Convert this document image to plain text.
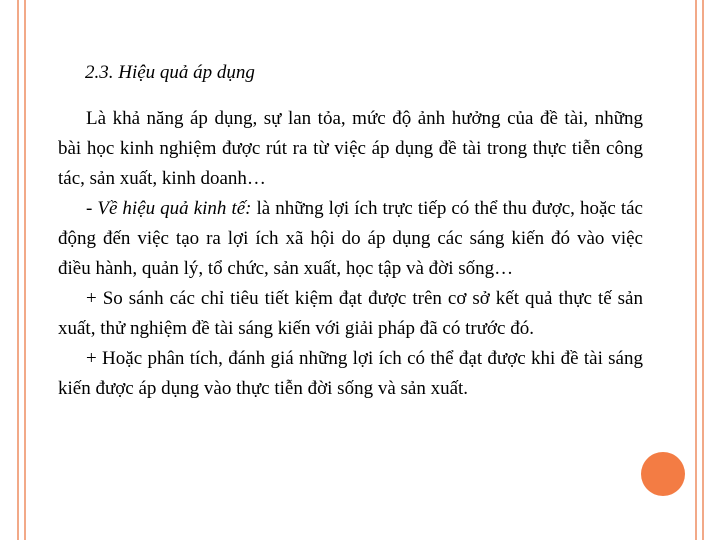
2.3. Hiệu quả áp dụng

Là khả năng áp dụng, sự lan tỏa, mức độ ảnh hưởng của đề tài, những bài học kinh nghiệm được rút ra từ việc áp dụng đề tài trong thực tiễn công tác, sản xuất, kinh doanh…

- Về hiệu quả kinh tế: là những lợi ích trực tiếp có thể thu được, hoặc tác động đến việc tạo ra lợi ích xã hội do áp dụng các sáng kiến đó vào việc điều hành, quản lý, tổ chức, sản xuất, học tập và đời sống…

+ So sánh các chỉ tiêu tiết kiệm đạt được trên cơ sở kết quả thực tế sản xuất, thử nghiệm đề tài sáng kiến với giải pháp đã có trước đó.

+ Hoặc phân tích, đánh giá những lợi ích có thể đạt được khi đề tài sáng kiến được áp dụng vào thực tiễn đời sống và sản xuất.
